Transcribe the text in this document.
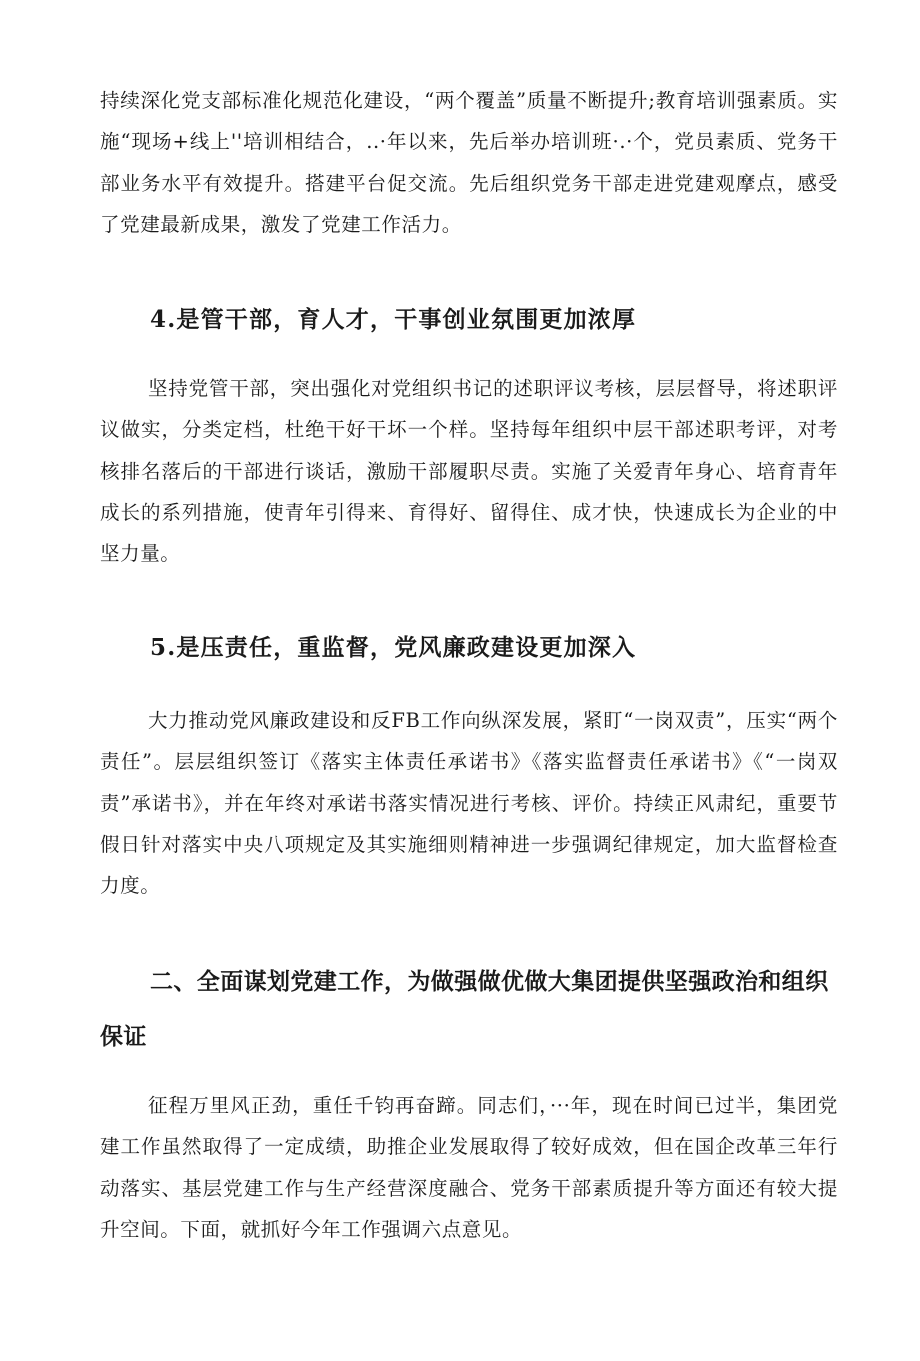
持续深化党支部标准化规范化建设，“两个覆盖”质量不断提升;教育培训强素质。实施“现场+线上''培训相结合，..·年以来，先后举办培训班·.·个，党员素质、党务干部业务水平有效提升。搭建平台促交流。先后组织党务干部走进党建观摩点，感受了党建最新成果，激发了党建工作活力。

4.是管干部，育人才，干事创业氛围更加浓厚

坚持党管干部，突出强化对党组织书记的述职评议考核，层层督导，将述职评议做实，分类定档，杜绝干好干坏一个样。坚持每年组织中层干部述职考评，对考核排名落后的干部进行谈话，激励干部履职尽责。实施了关爱青年身心、培育青年成长的系列措施，使青年引得来、育得好、留得住、成才快，快速成长为企业的中坚力量。

5.是压责任，重监督，党风廉政建设更加深入

大力推动党风廉政建设和反FB工作向纵深发展，紧盯“一岗双责”，压实“两个责任”。层层组织签订《落实主体责任承诺书》《落实监督责任承诺书》《“一岗双责”承诺书》，并在年终对承诺书落实情况进行考核、评价。持续正风肃纪，重要节假日针对落实中央八项规定及其实施细则精神进一步强调纪律规定，加大监督检查力度。

二、全面谋划党建工作，为做强做优做大集团提供坚强政治和组织保证

征程万里风正劲，重任千钧再奋蹄。同志们，···年，现在时间已过半，集团党建工作虽然取得了一定成绩，助推企业发展取得了较好成效，但在国企改革三年行动落实、基层党建工作与生产经营深度融合、党务干部素质提升等方面还有较大提升空间。下面，就抓好今年工作强调六点意见。
